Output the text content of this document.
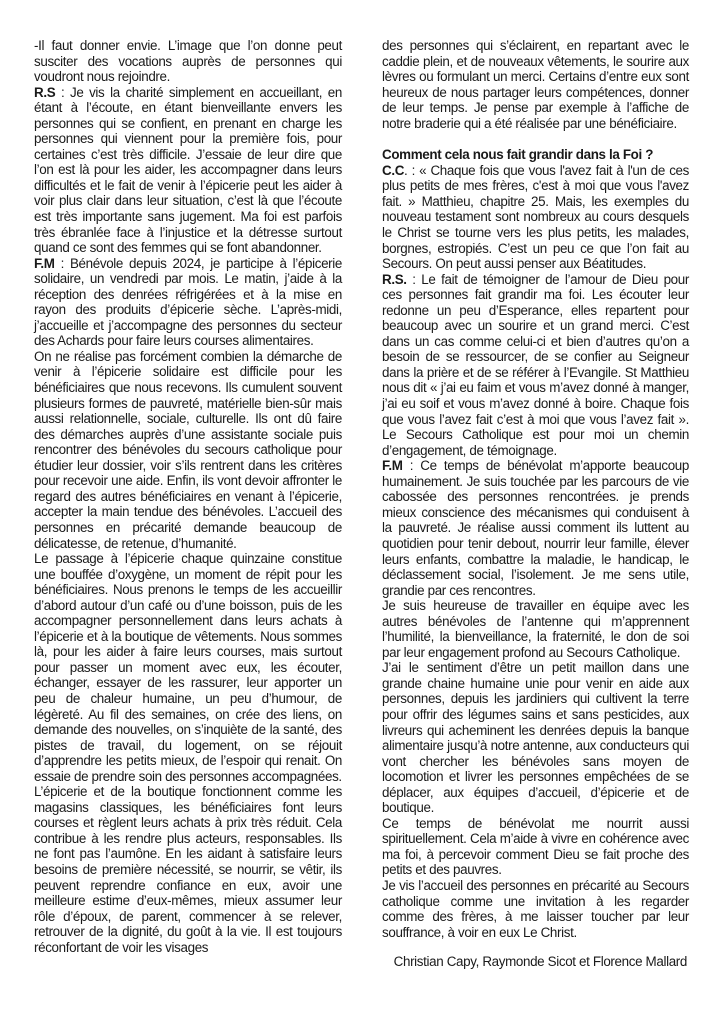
-Il faut donner envie. L’image que l’on donne peut susciter des vocations auprès de personnes qui voudront nous rejoindre.

R.S : Je vis la charité simplement en accueillant, en étant à l’écoute, en étant bienveillante envers les personnes qui se confient, en prenant en charge les personnes qui viennent pour la première fois, pour certaines c’est très difficile. J’essaie de leur dire que l’on est là pour les aider, les accompagner dans leurs difficultés et le fait de venir à l’épicerie peut les aider à voir plus clair dans leur situation, c’est là que l’écoute est très importante sans jugement. Ma foi est parfois très ébranlée face à l’injustice et la détresse surtout quand ce sont des femmes qui se font abandonner.

F.M : Bénévole depuis 2024, je participe à l’épicerie solidaire, un vendredi par mois. Le matin, j’aide à la réception des denrées réfrigérées et à la mise en rayon des produits d’épicerie sèche. L’après-midi, j’accueille et j’accompagne des personnes du secteur des Achards pour faire leurs courses alimentaires.

On ne réalise pas forcément combien la démarche de venir à l’épicerie solidaire est difficile pour les bénéficiaires que nous recevons. Ils cumulent souvent plusieurs formes de pauvreté, matérielle bien-sûr mais aussi relationnelle, sociale, culturelle. Ils ont dû faire des démarches auprès d’une assistante sociale puis rencontrer des bénévoles du secours catholique pour étudier leur dossier, voir s’ils rentrent dans les critères pour recevoir une aide. Enfin, ils vont devoir affronter le regard des autres bénéficiaires en venant à l’épicerie, accepter la main tendue des bénévoles. L’accueil des personnes en précarité demande beaucoup de délicatesse, de retenue, d’humanité.

Le passage à l’épicerie chaque quinzaine constitue une bouffée d’oxygène, un moment de répit pour les bénéficiaires. Nous prenons le temps de les accueillir d’abord autour d’un café ou d’une boisson, puis de les accompagner personnellement dans leurs achats à l’épicerie et à la boutique de vêtements. Nous sommes là, pour les aider à faire leurs courses, mais surtout pour passer un moment avec eux, les écouter, échanger, essayer de les rassurer, leur apporter un peu de chaleur humaine, un peu d’humour, de légèreté. Au fil des semaines, on crée des liens, on demande des nouvelles, on s’inquiète de la santé, des pistes de travail, du logement, on se réjouit d’apprendre les petits mieux, de l’espoir qui renait. On essaie de prendre soin des personnes accompagnées.

L’épicerie et de la boutique fonctionnent comme les magasins classiques, les bénéficiaires font leurs courses et règlent leurs achats à prix très réduit. Cela contribue à les rendre plus acteurs, responsables. Ils ne font pas l’aumône. En les aidant à satisfaire leurs besoins de première nécessité, se nourrir, se vêtir, ils peuvent reprendre confiance en eux, avoir une meilleure estime d’eux-mêmes, mieux assumer leur rôle d’époux, de parent, commencer à se relever, retrouver de la dignité, du goût à la vie. Il est toujours réconfortant de voir les visages

des personnes qui s’éclairent, en repartant avec le caddie plein, et de nouveaux vêtements, le sourire aux lèvres ou formulant un merci. Certains d’entre eux sont heureux de nous partager leurs compétences, donner de leur temps. Je pense par exemple à l’affiche de notre braderie qui a été réalisée par une bénéficiaire.

Comment cela nous fait grandir dans la Foi ?

C.C. : « Chaque fois que vous l'avez fait à l'un de ces plus petits de mes frères, c'est à moi que vous l'avez fait. » Matthieu, chapitre 25. Mais, les exemples du nouveau testament sont nombreux au cours desquels le Christ se tourne vers les plus petits, les malades, borgnes, estropiés. C’est un peu ce que l’on fait au Secours. On peut aussi penser aux Béatitudes.

R.S. : Le fait de témoigner de l’amour de Dieu pour ces personnes fait grandir ma foi. Les écouter leur redonne un peu d’Esperance, elles repartent pour beaucoup avec un sourire et un grand merci. C’est dans un cas comme celui-ci et bien d’autres qu’on a besoin de se ressourcer, de se confier au Seigneur dans la prière et de se référer à l’Evangile. St Matthieu nous dit « j’ai eu faim et vous m’avez donné à manger, j’ai eu soif et vous m’avez donné à boire. Chaque fois que vous l’avez fait c’est à moi que vous l’avez fait ». Le Secours Catholique est pour moi un chemin d’engagement, de témoignage.

F.M : Ce temps de bénévolat m’apporte beaucoup humainement. Je suis touchée par les parcours de vie cabossée des personnes rencontrées. je prends mieux conscience des mécanismes qui conduisent à la pauvreté. Je réalise aussi comment ils luttent au quotidien pour tenir debout, nourrir leur famille, élever leurs enfants, combattre la maladie, le handicap, le déclassement social, l’isolement. Je me sens utile, grandie par ces rencontres.

Je suis heureuse de travailler en équipe avec les autres bénévoles de l’antenne qui m’apprennent l’humilité, la bienveillance, la fraternité, le don de soi par leur engagement profond au Secours Catholique.

J’ai le sentiment d’être un petit maillon dans une grande chaine humaine unie pour venir en aide aux personnes, depuis les jardiniers qui cultivent la terre pour offrir des légumes sains et sans pesticides, aux livreurs qui acheminent les denrées depuis la banque alimentaire jusqu’à notre antenne, aux conducteurs qui vont chercher les bénévoles sans moyen de locomotion et livrer les personnes empêchées de se déplacer, aux équipes d’accueil, d’épicerie et de boutique.

Ce temps de bénévolat me nourrit aussi spirituellement. Cela m’aide à vivre en cohérence avec ma foi, à percevoir comment Dieu se fait proche des petits et des pauvres.

Je vis l’accueil des personnes en précarité au Secours catholique comme une invitation à les regarder comme des frères, à me laisser toucher par leur souffrance, à voir en eux Le Christ.

Christian Capy, Raymonde Sicot et Florence Mallard
